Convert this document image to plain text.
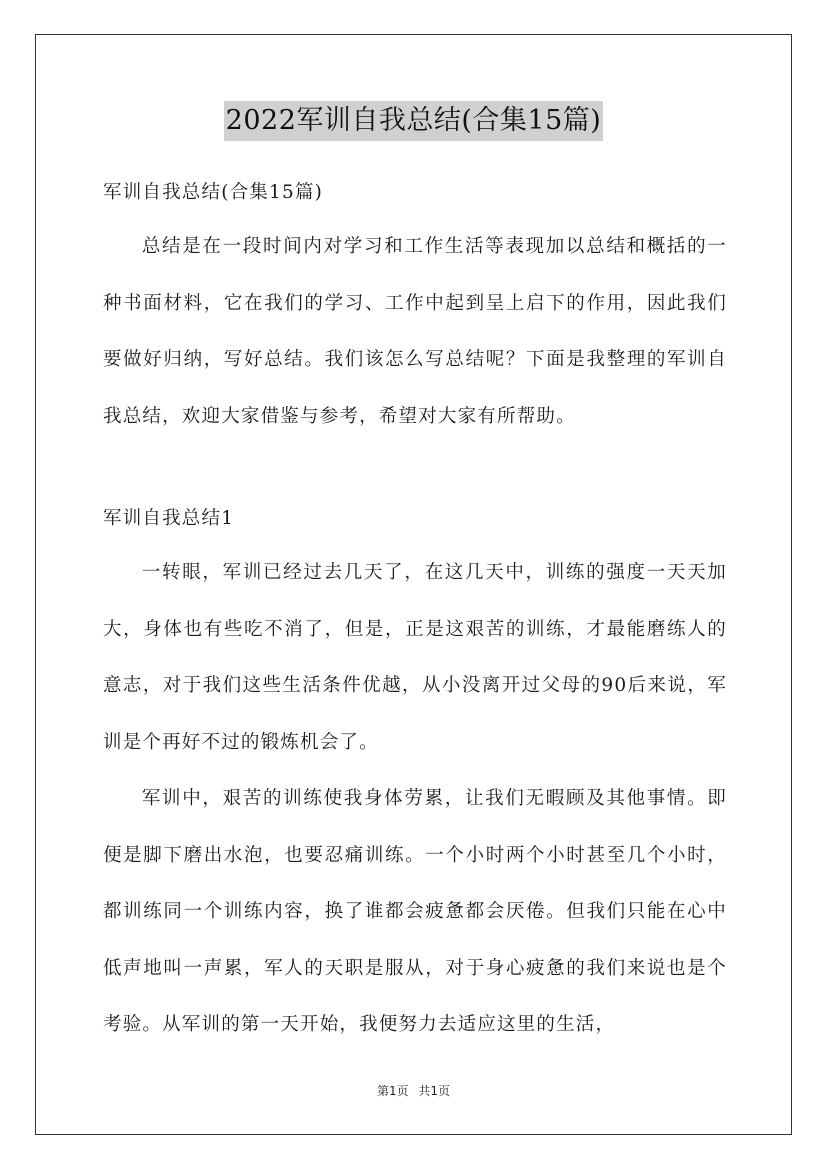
2022军训自我总结(合集15篇)
军训自我总结(合集15篇)

总结是在一段时间内对学习和工作生活等表现加以总结和概括的一种书面材料，它在我们的学习、工作中起到呈上启下的作用，因此我们要做好归纳，写好总结。我们该怎么写总结呢？下面是我整理的军训自我总结，欢迎大家借鉴与参考，希望对大家有所帮助。

军训自我总结1

一转眼，军训已经过去几天了，在这几天中，训练的强度一天天加大，身体也有些吃不消了，但是，正是这艰苦的训练，才最能磨练人的意志，对于我们这些生活条件优越，从小没离开过父母的90后来说，军训是个再好不过的锻炼机会了。

军训中，艰苦的训练使我身体劳累，让我们无暇顾及其他事情。即便是脚下磨出水泡，也要忍痛训练。一个小时两个小时甚至几个小时，都训练同一个训练内容，换了谁都会疲惫都会厌倦。但我们只能在心中低声地叫一声累，军人的天职是服从，对于身心疲惫的我们来说也是个考验。从军训的第一天开始，我便努力去适应这里的生活，

第1页 共1页
